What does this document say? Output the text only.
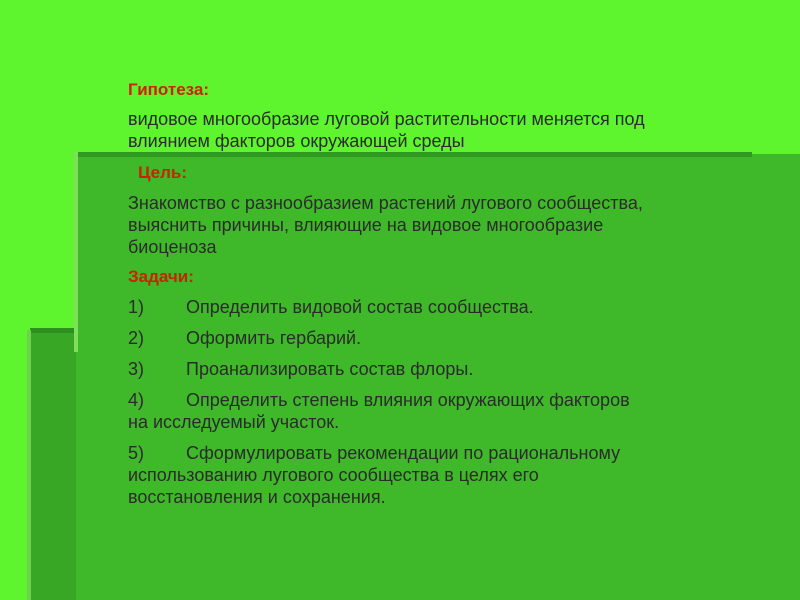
Гипотеза:

видовое многообразие луговой растительности меняется под влиянием факторов окружающей среды

Цель:

Знакомство с разнообразием растений лугового сообщества, выяснить причины, влияющие на видовое многообразие биоценоза

Задачи:

1) Определить видовой состав сообщества.
2) Оформить гербарий.
3) Проанализировать состав флоры.
4) Определить степень влияния окружающих факторов на исследуемый участок.
5) Сформулировать рекомендации по рациональному использованию лугового сообщества в целях его восстановления и сохранения.
